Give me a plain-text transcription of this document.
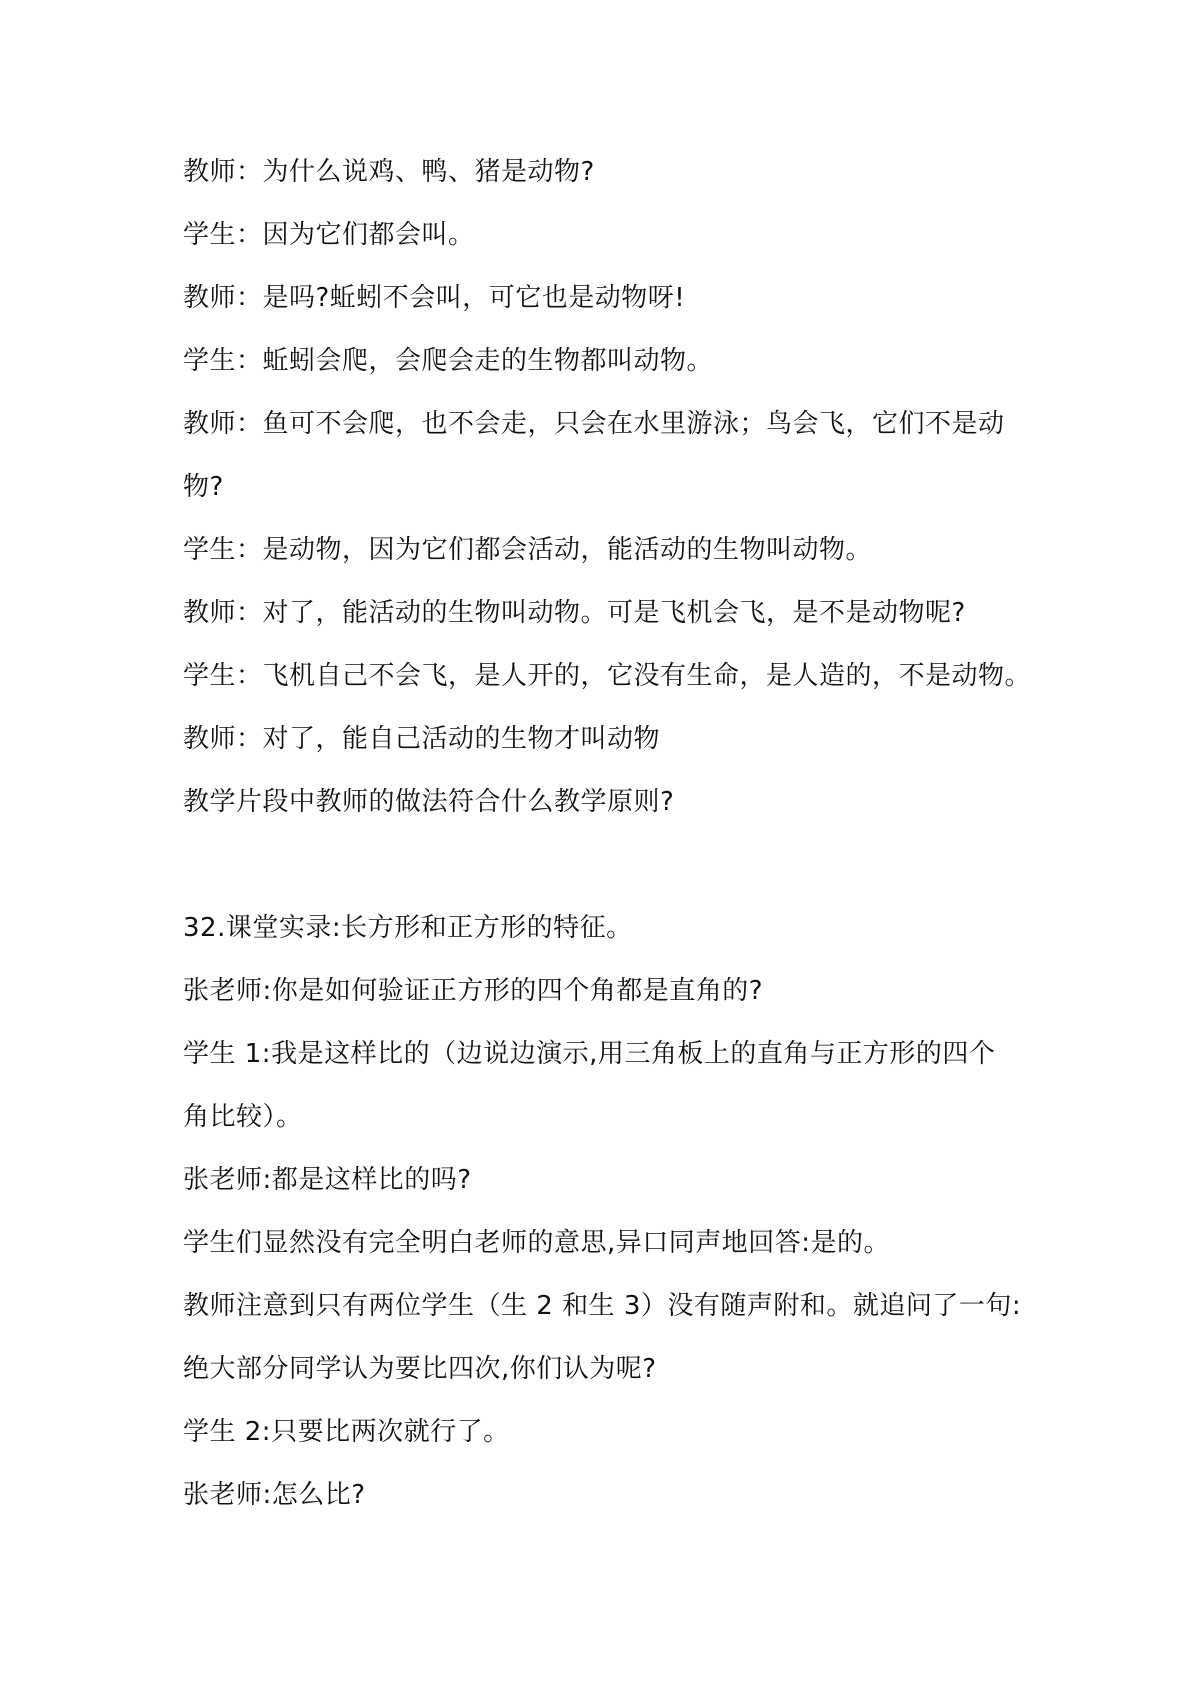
教师：为什么说鸡、鸭、猪是动物?
学生：因为它们都会叫。
教师：是吗?蚯蚓不会叫，可它也是动物呀!
学生：蚯蚓会爬，会爬会走的生物都叫动物。
教师：鱼可不会爬，也不会走，只会在水里游泳；鸟会飞，它们不是动
物?
学生：是动物，因为它们都会活动，能活动的生物叫动物。
教师：对了，能活动的生物叫动物。可是飞机会飞，是不是动物呢?
学生：飞机自己不会飞，是人开的，它没有生命，是人造的，不是动物。
教师：对了，能自己活动的生物才叫动物
教学片段中教师的做法符合什么教学原则?
32.课堂实录:长方形和正方形的特征。
张老师:你是如何验证正方形的四个角都是直角的?
学生 1:我是这样比的（边说边演示,用三角板上的直角与正方形的四个
角比较）。
张老师:都是这样比的吗?
学生们显然没有完全明白老师的意思,异口同声地回答:是的。
教师注意到只有两位学生（生 2 和生 3）没有随声附和。就追问了一句:
绝大部分同学认为要比四次,你们认为呢?
学生 2:只要比两次就行了。
张老师:怎么比?
